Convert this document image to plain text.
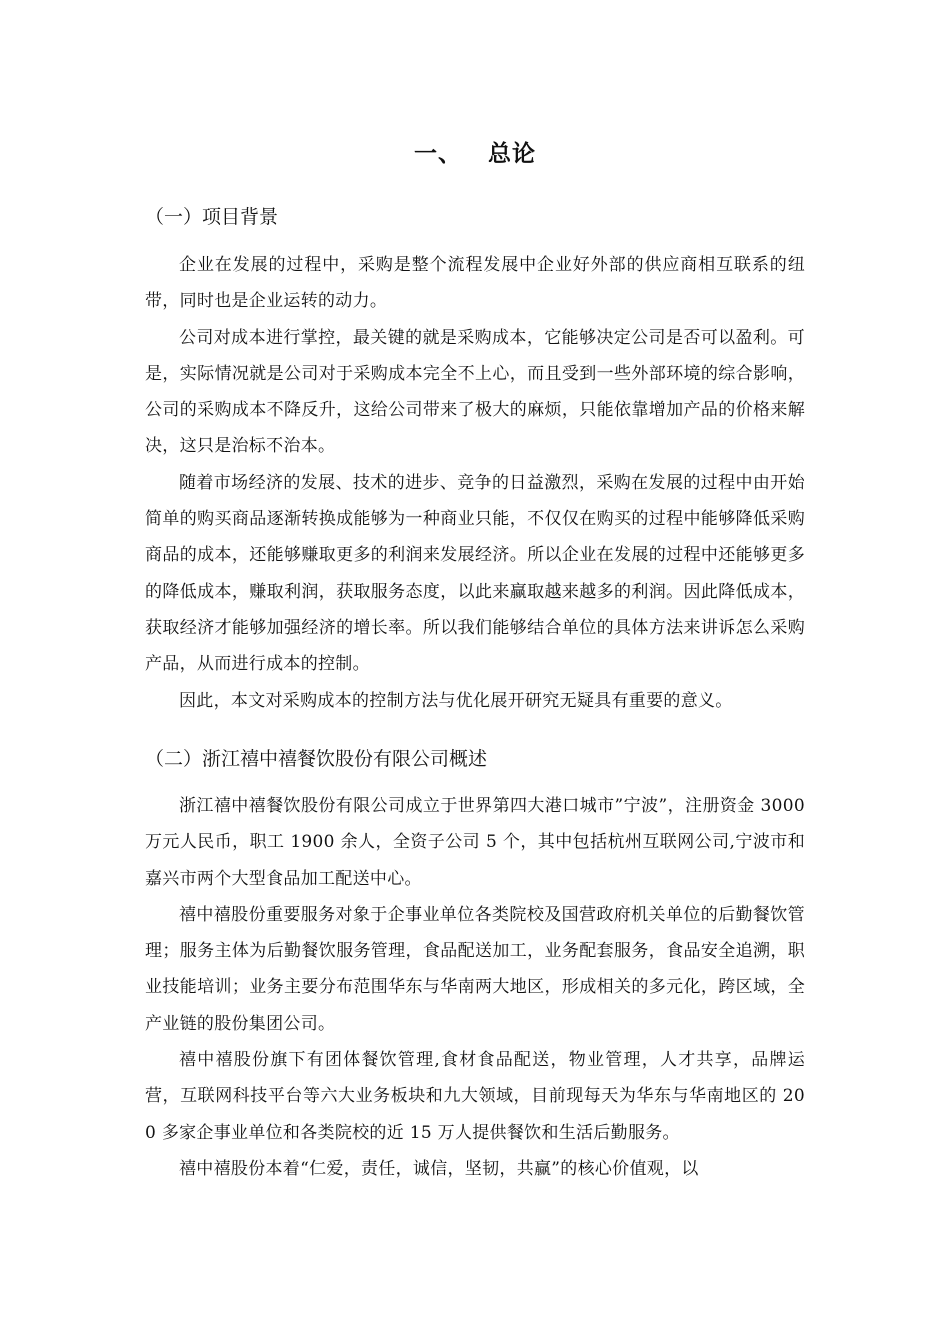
一、 总论
（一）项目背景

企业在发展的过程中，采购是整个流程发展中企业好外部的供应商相互联系的纽带，同时也是企业运转的动力。

公司对成本进行掌控，最关键的就是采购成本，它能够决定公司是否可以盈利。可是，实际情况就是公司对于采购成本完全不上心，而且受到一些外部环境的综合影响，公司的采购成本不降反升，这给公司带来了极大的麻烦，只能依靠增加产品的价格来解决，这只是治标不治本。

随着市场经济的发展、技术的进步、竞争的日益激烈，采购在发展的过程中由开始简单的购买商品逐渐转换成能够为一种商业只能，不仅仅在购买的过程中能够降低采购商品的成本，还能够赚取更多的利润来发展经济。所以企业在发展的过程中还能够更多的降低成本，赚取利润，获取服务态度，以此来赢取越来越多的利润。因此降低成本，获取经济才能够加强经济的增长率。所以我们能够结合单位的具体方法来讲诉怎么采购产品，从而进行成本的控制。

因此，本文对采购成本的控制方法与优化展开研究无疑具有重要的意义。

（二）浙江禧中禧餐饮股份有限公司概述

浙江禧中禧餐饮股份有限公司成立于世界第四大港口城市”宁波”，注册资金 3000 万元人民币，职工 1900 余人，全资子公司 5 个，其中包括杭州互联网公司,宁波市和嘉兴市两个大型食品加工配送中心。

禧中禧股份重要服务对象于企事业单位各类院校及国营政府机关单位的后勤餐饮管理；服务主体为后勤餐饮服务管理，食品配送加工，业务配套服务，食品安全追溯，职业技能培训；业务主要分布范围华东与华南两大地区，形成相关的多元化，跨区域，全产业链的股份集团公司。

禧中禧股份旗下有团体餐饮管理,食材食品配送，物业管理，人才共享，品牌运营，互联网科技平台等六大业务板块和九大领域，目前现每天为华东与华南地区的 200 多家企事业单位和各类院校的近 15 万人提供餐饮和生活后勤服务。

禧中禧股份本着“仁爱，责任，诚信，坚韧，共赢”的核心价值观，以
